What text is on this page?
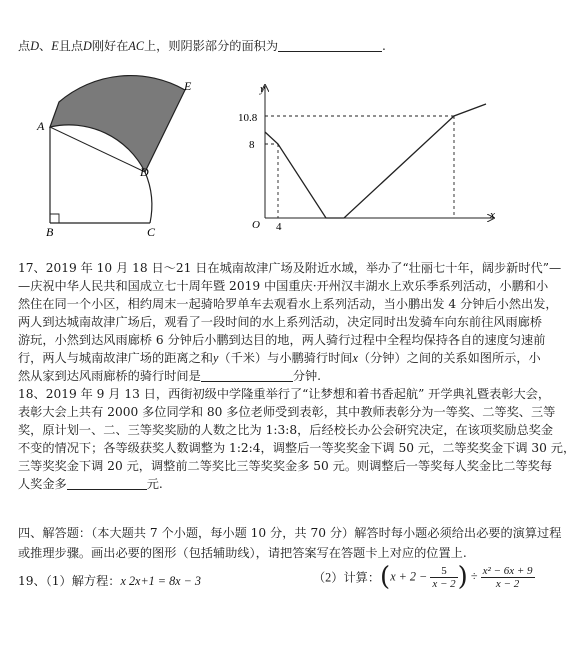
点D、E且点D刚好在AC上，则阴影部分的面积为	.
A
B	C
D
E	y
x
O
10.8
8
4
17、2019 年 10 月 18 日～21 日在城南故津广场及附近水域，举办了“壮丽七十年，阔步新时代”—
—庆祝中华人民共和国成立七十周年暨 2019 中国重庆·开州汉丰湖水上欢乐季系列活动，小鹏和小
然住在同一个小区，相约周末一起骑哈罗单车去观看水上系列活动，当小鹏出发 4 分钟后小然出发，
两人到达城南故津广场后，观看了一段时间的水上系列活动，决定同时出发骑车向东前往风雨廊桥
游玩，小然到达风雨廊桥 6 分钟后小鹏到达目的地，两人骑行过程中全程均保持各自的速度匀速前
行，两人与城南故津广场的距离之和y（千米）与小鹏骑行时间x（分钟）之间的关系如图所示，小
然从家到达风雨廊桥的骑行时间是	分钟.
18、2019 年 9 月 13 日，西街初级中学隆重举行了“让梦想和着书香起航” 开学典礼暨表彰大会，
表彰大会上共有 2000 多位同学和 80 多位老师受到表彰，其中教师表彰分为一等奖、二等奖、三等
奖，原计划一、二、三等奖奖励的人数之比为 1:3:8，后经校长办公会研究决定，在该项奖励总奖金
不变的情况下；各等级获奖人数调整为 1:2:4，调整后一等奖奖金下调 50 元，二等奖奖金下调 30 元，
三等奖奖金下调 20 元，调整前二等奖比三等奖奖金多 50 元。则调整后一等奖每人奖金比二等奖每
人奖金多	元.
四、解答题：（本大题共 7 个小题，每小题 10 分，共 70 分）解答时每小题必须给出必要的演算过程
或推理步骤。画出必要的图形（包括辅助线），请把答案写在答题卡上对应的位置上.
19、（1）解方程：x 2x+1 = 8x − 3	（2）计算：($x + 2 - \frac{5}{x - 2}$ ) ÷ $\frac{\text{x² − 6x + 9}}{x - 2}$
